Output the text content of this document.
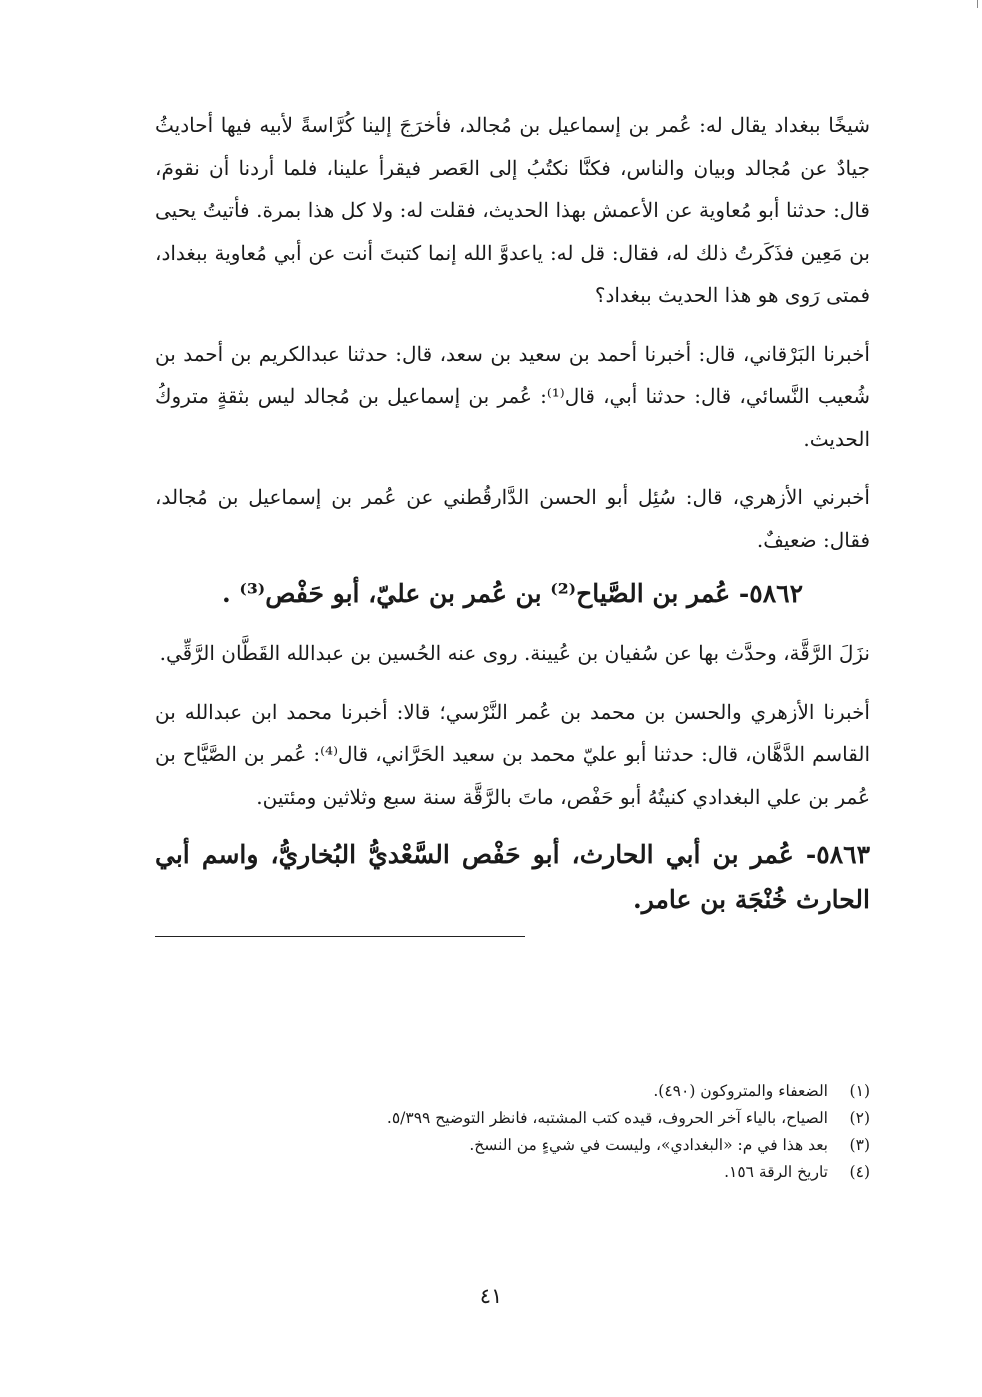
شيخًا ببغداد يقال له: عُمر بن إسماعيل بن مُجالد، فأخرَجَ إلينا كُرَّاسةً لأبيه فيها أحاديثُ جيادٌ عن مُجالد وبيان والناس، فكنَّا نكتُبُ إلى العَصر فيقرأ علينا، فلما أردنا أن نقومَ، قال: حدثنا أبو مُعاوية عن الأعمش بهذا الحديث، فقلت له: ولا كل هذا بمرة. فأتيتُ يحيى بن مَعِين فذَكَرتُ ذلك له، فقال: قل له: ياعدوَّ الله إنما كتبتَ أنت عن أبي مُعاوية ببغداد، فمتى رَوى هو هذا الحديث ببغداد؟

أخبرنا البَرْقاني، قال: أخبرنا أحمد بن سعيد بن سعد، قال: حدثنا عبدالكريم بن أحمد بن شُعيب النَّسائي، قال: حدثنا أبي، قال⁽¹⁾: عُمر بن إسماعيل بن مُجالد ليس بثقةٍ متروكُ الحديث.

أخبرني الأزهري، قال: سُئِل أبو الحسن الدَّارقُطني عن عُمر بن إسماعيل بن مُجالد، فقال: ضعيفٌ.

٥٨٦٢- عُمر بن الصَّياح⁽²⁾ بن عُمر بن عليّ، أبو حَفْص⁽³⁾ .

نزَلَ الرَّقَّة، وحدَّث بها عن سُفيان بن عُيينة. روى عنه الحُسين بن عبدالله القَطَّان الرَّقِّي.

أخبرنا الأزهري والحسن بن محمد بن عُمر النَّرْسي؛ قالا: أخبرنا محمد ابن عبدالله بن القاسم الدَّهَّان، قال: حدثنا أبو عليّ محمد بن سعيد الحَرَّاني، قال⁽⁴⁾: عُمر بن الصَّيَّاح بن عُمر بن علي البغدادي كنيتُهُ أبو حَفْص، ماتَ بالرَّقَّة سنة سبع وثلاثين ومئتين.

٥٨٦٣- عُمر بن أبي الحارث، أبو حَفْص السَّعْديُّ البُخاريُّ، واسم أبي الحارث خُنْجَة بن عامر.

(١)الضعفاء والمتروكون (٤٩٠).

(٢)الصياح، بالياء آخر الحروف، قيده كتب المشتبه، فانظر التوضيح ٥/٣٩٩.

(٣)بعد هذا في م: «البغدادي»، وليست في شيءٍ من النسخ.

(٤)تاريخ الرقة ١٥٦.

٤١
